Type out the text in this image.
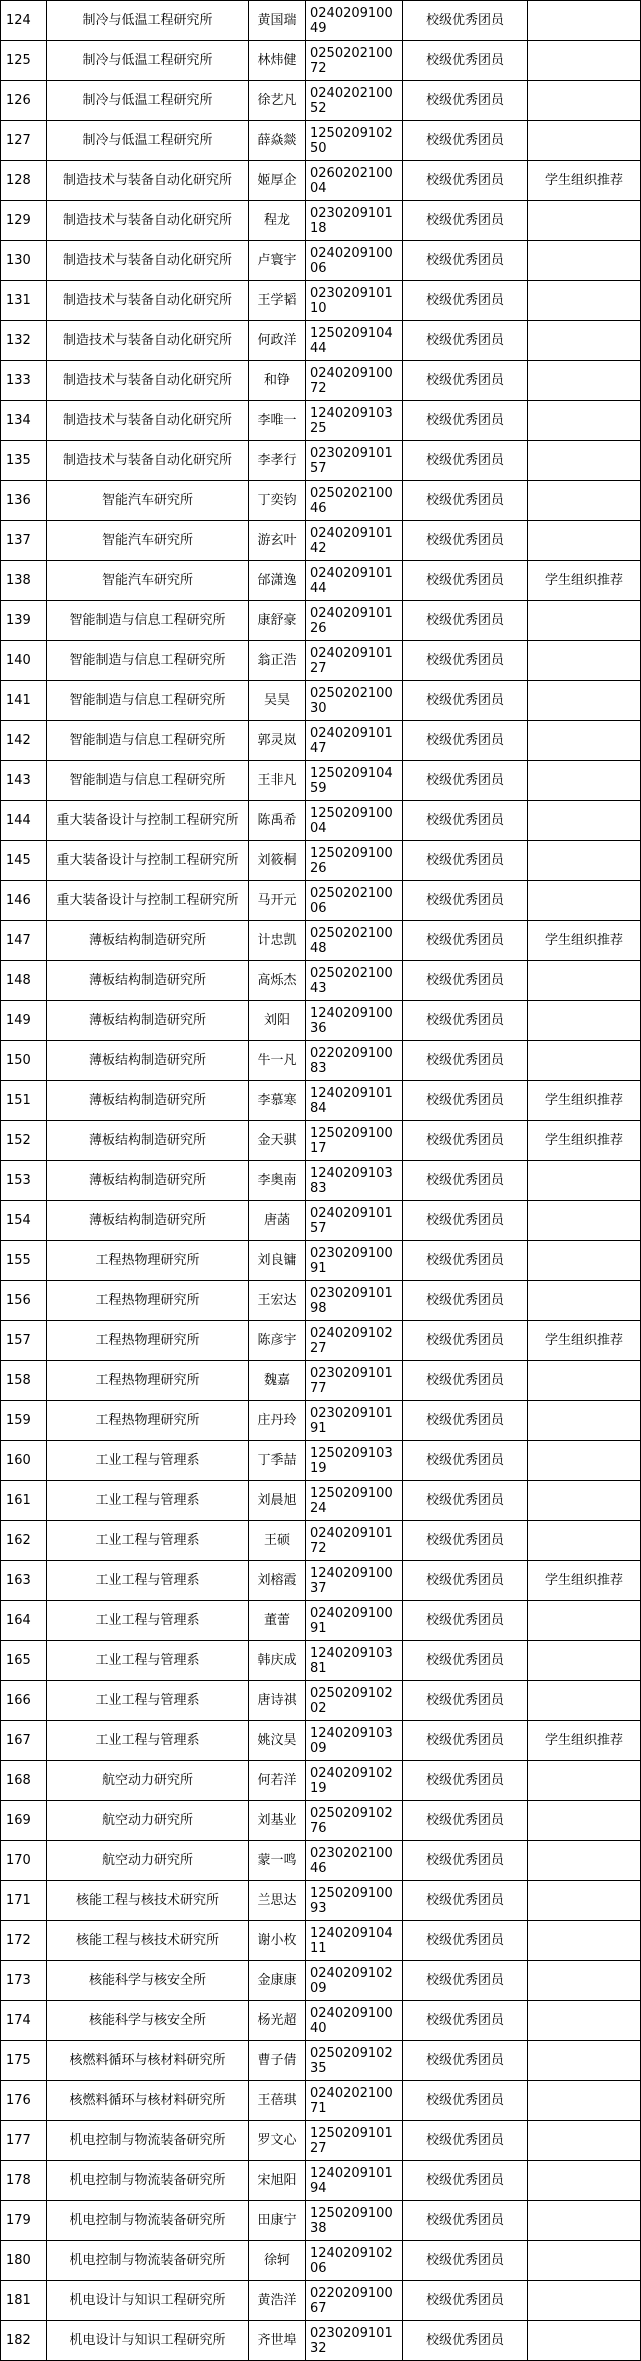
124	制冷与低温工程研究所	黄国瑞	024020910049	校级优秀团员	
125	制冷与低温工程研究所	林炜健	025020210072	校级优秀团员	
126	制冷与低温工程研究所	徐艺凡	024020210052	校级优秀团员	
127	制冷与低温工程研究所	薛焱燚	125020910250	校级优秀团员	
128	制造技术与装备自动化研究所	姬厚企	026020210004	校级优秀团员	学生组织推荐
129	制造技术与装备自动化研究所	程龙	023020910118	校级优秀团员	
130	制造技术与装备自动化研究所	卢寰宇	024020910006	校级优秀团员	
131	制造技术与装备自动化研究所	王学韬	023020910110	校级优秀团员	
132	制造技术与装备自动化研究所	何政洋	125020910444	校级优秀团员	
133	制造技术与装备自动化研究所	和铮	024020910072	校级优秀团员	
134	制造技术与装备自动化研究所	李唯一	124020910325	校级优秀团员	
135	制造技术与装备自动化研究所	李孝行	023020910157	校级优秀团员	
136	智能汽车研究所	丁奕钧	025020210046	校级优秀团员	
137	智能汽车研究所	游玄叶	024020910142	校级优秀团员	
138	智能汽车研究所	邰潇逸	024020910144	校级优秀团员	学生组织推荐
139	智能制造与信息工程研究所	康舒豪	024020910126	校级优秀团员	
140	智能制造与信息工程研究所	翁正浩	024020910127	校级优秀团员	
141	智能制造与信息工程研究所	吴昊	025020210030	校级优秀团员	
142	智能制造与信息工程研究所	郭灵岚	024020910147	校级优秀团员	
143	智能制造与信息工程研究所	王非凡	125020910459	校级优秀团员	
144	重大装备设计与控制工程研究所	陈禹希	125020910004	校级优秀团员	
145	重大装备设计与控制工程研究所	刘筱桐	125020910026	校级优秀团员	
146	重大装备设计与控制工程研究所	马开元	025020210006	校级优秀团员	
147	薄板结构制造研究所	计忠凯	025020210048	校级优秀团员	学生组织推荐
148	薄板结构制造研究所	高烁杰	025020210043	校级优秀团员	
149	薄板结构制造研究所	刘阳	124020910036	校级优秀团员	
150	薄板结构制造研究所	牛一凡	022020910083	校级优秀团员	
151	薄板结构制造研究所	李慕寒	124020910184	校级优秀团员	学生组织推荐
152	薄板结构制造研究所	金天骐	125020910017	校级优秀团员	学生组织推荐
153	薄板结构制造研究所	李奥南	124020910383	校级优秀团员	
154	薄板结构制造研究所	唐菡	024020910157	校级优秀团员	
155	工程热物理研究所	刘良镛	023020910091	校级优秀团员	
156	工程热物理研究所	王宏达	023020910198	校级优秀团员	
157	工程热物理研究所	陈彦宇	024020910227	校级优秀团员	学生组织推荐
158	工程热物理研究所	魏嘉	023020910177	校级优秀团员	
159	工程热物理研究所	庄丹玲	023020910191	校级优秀团员	
160	工业工程与管理系	丁季喆	125020910319	校级优秀团员	
161	工业工程与管理系	刘晨旭	125020910024	校级优秀团员	
162	工业工程与管理系	王硕	024020910172	校级优秀团员	
163	工业工程与管理系	刘榕霞	124020910037	校级优秀团员	学生组织推荐
164	工业工程与管理系	董蕾	024020910091	校级优秀团员	
165	工业工程与管理系	韩庆成	124020910381	校级优秀团员	
166	工业工程与管理系	唐诗祺	025020910202	校级优秀团员	
167	工业工程与管理系	姚汶昊	124020910309	校级优秀团员	学生组织推荐
168	航空动力研究所	何若洋	024020910219	校级优秀团员	
169	航空动力研究所	刘基业	025020910276	校级优秀团员	
170	航空动力研究所	蒙一鸣	023020210046	校级优秀团员	
171	核能工程与核技术研究所	兰思达	125020910093	校级优秀团员	
172	核能工程与核技术研究所	谢小枚	124020910411	校级优秀团员	
173	核能科学与核安全所	金康康	024020910209	校级优秀团员	
174	核能科学与核安全所	杨光超	024020910040	校级优秀团员	
175	核燃料循环与核材料研究所	曹子倩	025020910235	校级优秀团员	
176	核燃料循环与核材料研究所	王蓓琪	024020210071	校级优秀团员	
177	机电控制与物流装备研究所	罗文心	125020910127	校级优秀团员	
178	机电控制与物流装备研究所	宋旭阳	124020910194	校级优秀团员	
179	机电控制与物流装备研究所	田康宁	125020910038	校级优秀团员	
180	机电控制与物流装备研究所	徐轲	124020910206	校级优秀团员	
181	机电设计与知识工程研究所	黄浩洋	022020910067	校级优秀团员	
182	机电设计与知识工程研究所	齐世埠	023020910132	校级优秀团员	
